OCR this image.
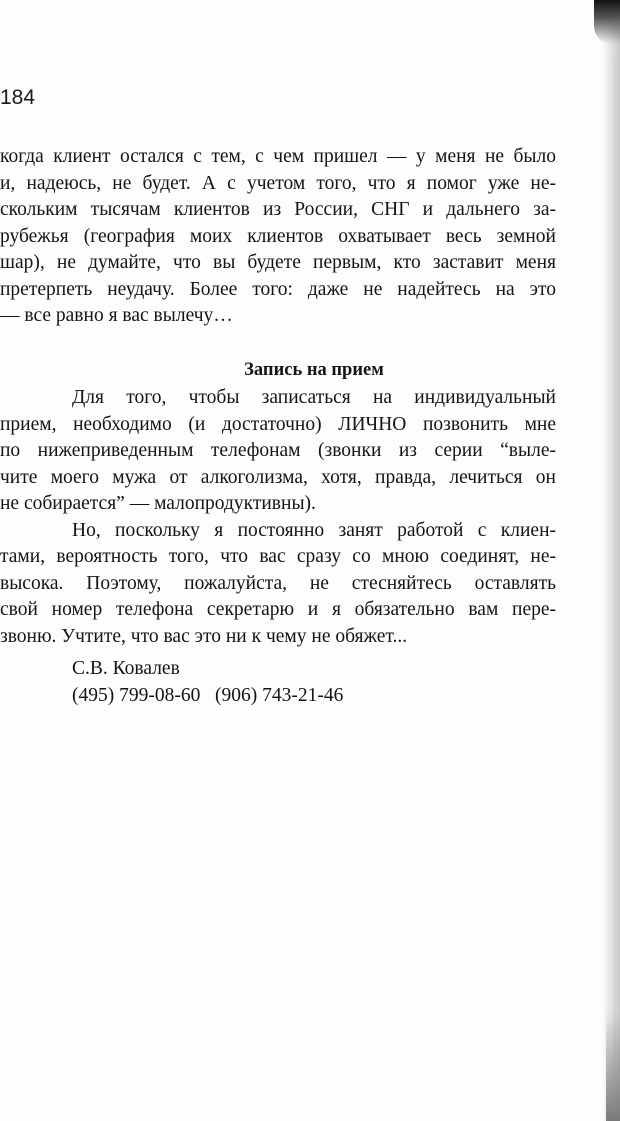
184
когда клиент остался с тем, с чем пришел — у меня не было
и, надеюсь, не будет. А с учетом того, что я помог уже не-
скольким тысячам клиентов из России, СНГ и дальнего за-
рубежья (география моих клиентов охватывает весь земной
шар), не думайте, что вы будете первым, кто заставит меня
претерпеть неудачу. Более того: даже не надейтесь на это
— все равно я вас вылечу…
Запись на прием
Для того, чтобы записаться на индивидуальный
прием, необходимо (и достаточно) ЛИЧНО позвонить мне
по нижеприведенным телефонам (звонки из серии “выле-
чите моего мужа от алкоголизма, хотя, правда, лечиться он
не собирается” — малопродуктивны).
Но, поскольку я постоянно занят работой с клиен-
тами, вероятность того, что вас сразу со мною соединят, не-
высока. Поэтому, пожалуйста, не стесняйтесь оставлять
свой номер телефона секретарю и я обязательно вам пере-
звоню. Учтите, что вас это ни к чему не обяжет...
С.В. Ковалев
(495) 799-08-60   (906) 743-21-46
